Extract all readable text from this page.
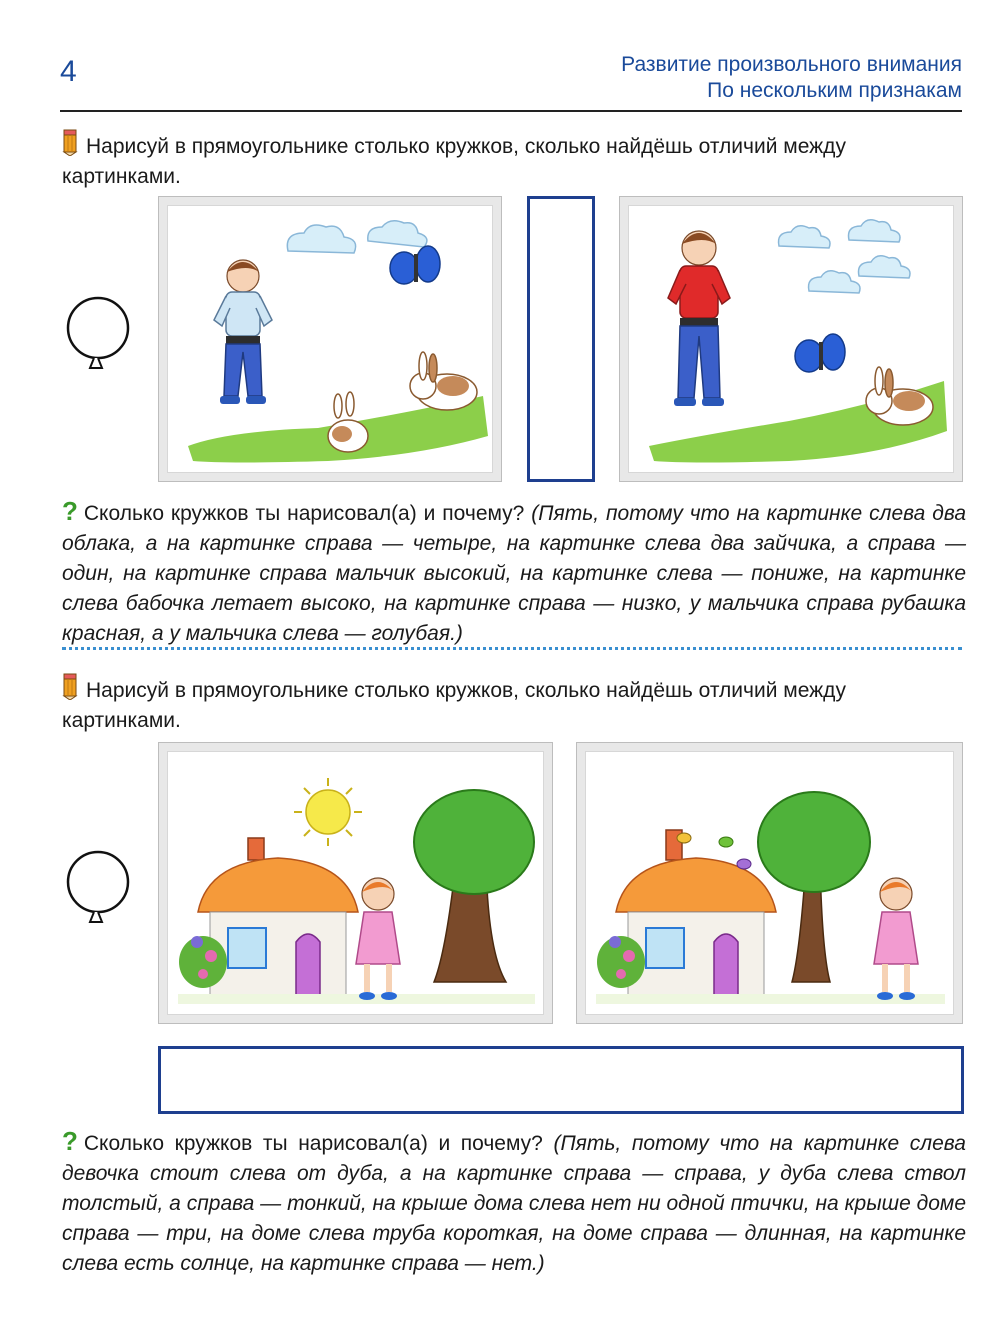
4	Развитие произвольного внимания
По нескольким признакам
Нарисуй в прямоугольнике столько кружков, сколько найдёшь отличий между картинками.
? Сколько кружков ты нарисовал(а) и почему? (Пять, потому что на картинке слева два облака, а на картинке справа — четыре, на картинке слева два зайчика, а справа — один, на картинке справа мальчик высокий, на картинке слева — пониже, на картинке слева бабочка летает высоко, на картинке справа — низко, у мальчика справа рубашка красная, а у мальчика слева — голубая.)
Нарисуй в прямоугольнике столько кружков, сколько найдёшь отличий между картинками.
? Сколько кружков ты нарисовал(а) и почему? (Пять, потому что на картинке слева девочка стоит слева от дуба, а на картинке справа — справа, у дуба слева ствол толстый, а справа — тонкий, на крыше дома слева нет ни одной птички, на крыше доме справа — три, на доме слева труба короткая, на доме справа — длинная, на картинке слева есть солнце, на картинке справа — нет.)
